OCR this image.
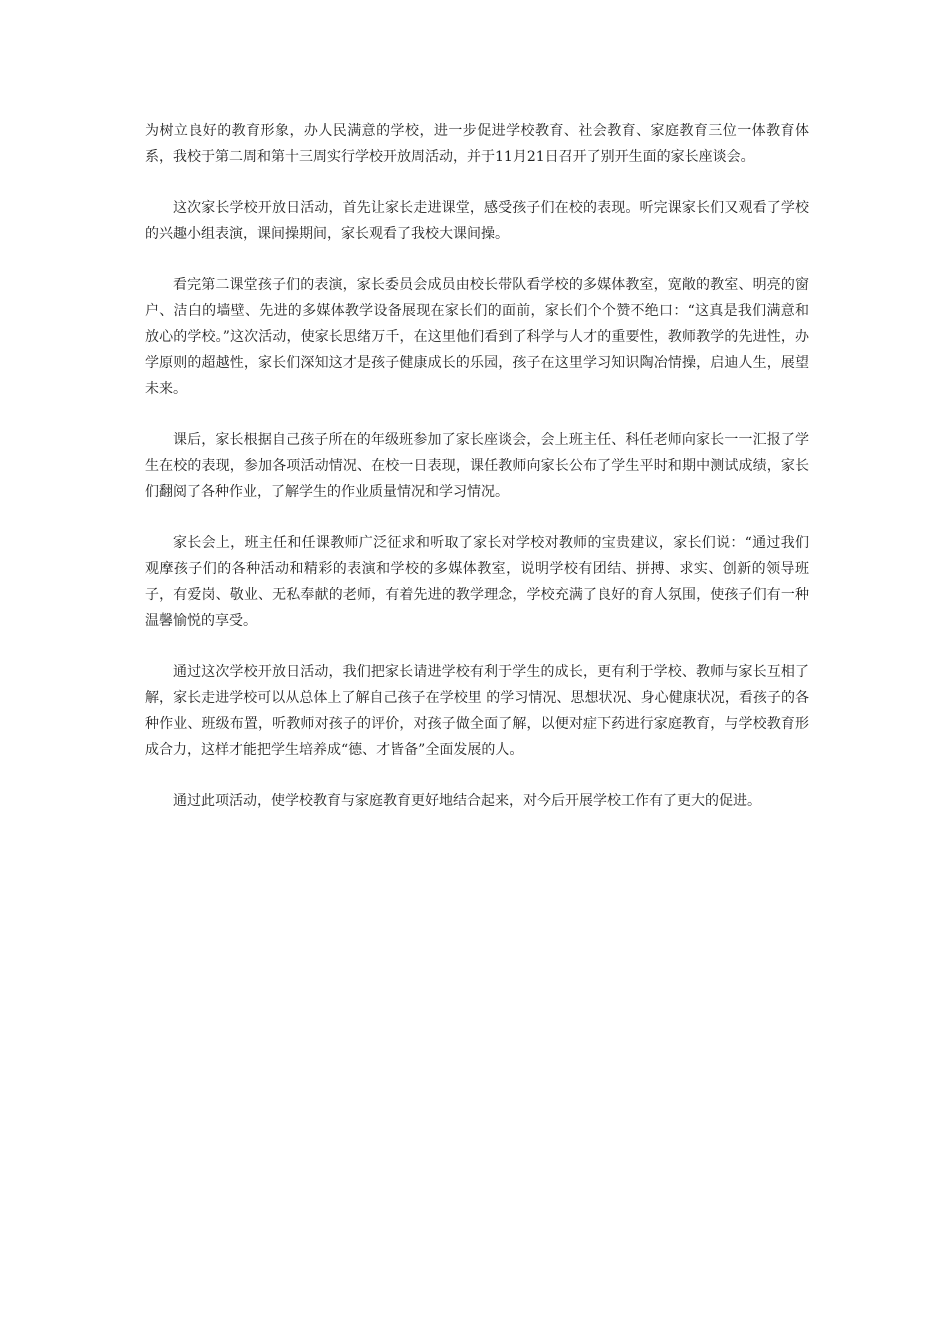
为树立良好的教育形象，办人民满意的学校，进一步促进学校教育、社会教育、家庭教育三位一体教育体系，我校于第二周和第十三周实行学校开放周活动，并于11月21日召开了别开生面的家长座谈会。

这次家长学校开放日活动，首先让家长走进课堂，感受孩子们在校的表现。听完课家长们又观看了学校的兴趣小组表演，课间操期间，家长观看了我校大课间操。

看完第二课堂孩子们的表演，家长委员会成员由校长带队看学校的多媒体教室，宽敞的教室、明亮的窗户、洁白的墙壁、先进的多媒体教学设备展现在家长们的面前，家长们个个赞不绝口：“这真是我们满意和放心的学校。”这次活动，使家长思绪万千，在这里他们看到了科学与人才的重要性，教师教学的先进性，办学原则的超越性，家长们深知这才是孩子健康成长的乐园，孩子在这里学习知识陶冶情操，启迪人生，展望未来。

课后，家长根据自己孩子所在的年级班参加了家长座谈会，会上班主任、科任老师向家长一一汇报了学生在校的表现，参加各项活动情况、在校一日表现，课任教师向家长公布了学生平时和期中测试成绩，家长们翻阅了各种作业，了解学生的作业质量情况和学习情况。

家长会上，班主任和任课教师广泛征求和听取了家长对学校对教师的宝贵建议，家长们说：“通过我们观摩孩子们的各种活动和精彩的表演和学校的多媒体教室，说明学校有团结、拼搏、求实、创新的领导班子，有爱岗、敬业、无私奉献的老师，有着先进的教学理念，学校充满了良好的育人氛围，使孩子们有一种温馨愉悦的享受。

通过这次学校开放日活动，我们把家长请进学校有利于学生的成长，更有利于学校、教师与家长互相了解，家长走进学校可以从总体上了解自己孩子在学校里 的学习情况、思想状况、身心健康状况，看孩子的各种作业、班级布置，听教师对孩子的评价，对孩子做全面了解，以便对症下药进行家庭教育，与学校教育形成合力，这样才能把学生培养成“德、才皆备”全面发展的人。

通过此项活动，使学校教育与家庭教育更好地结合起来，对今后开展学校工作有了更大的促进。
